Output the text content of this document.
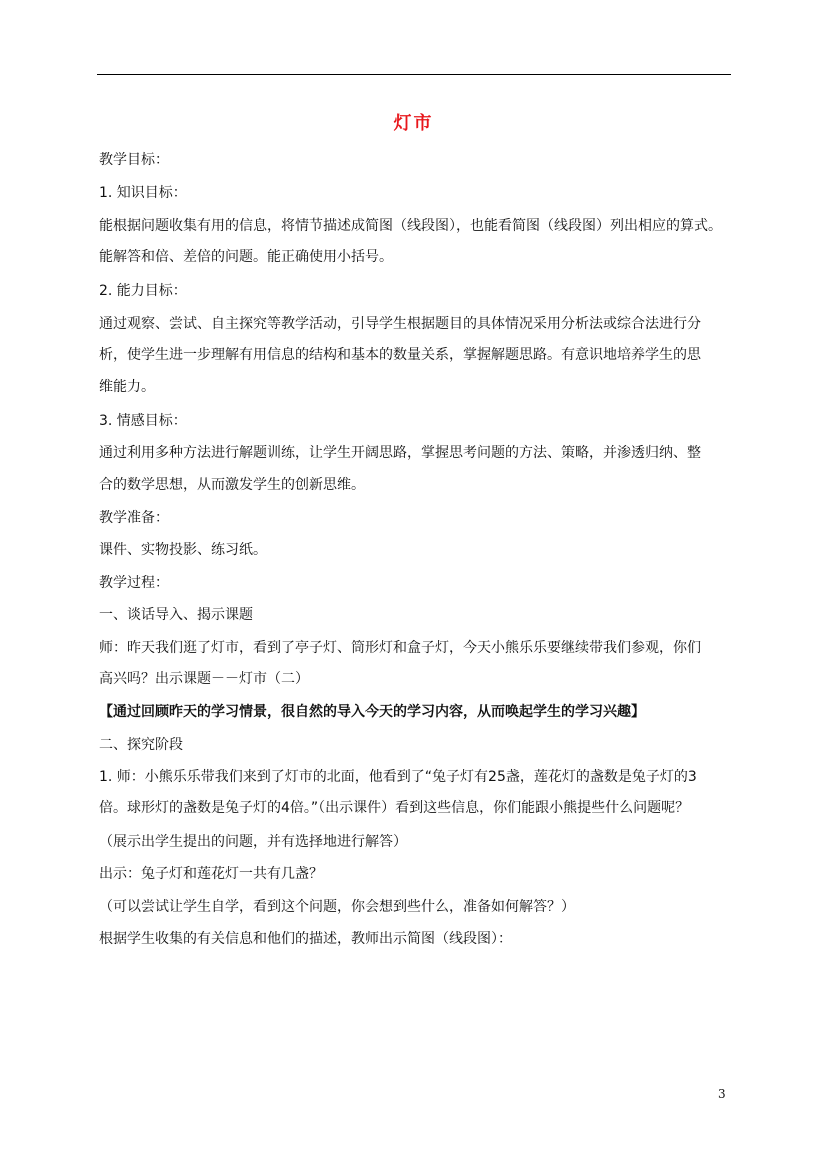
灯市
教学目标：
1. 知识目标：
能根据问题收集有用的信息，将情节描述成简图（线段图），也能看简图（线段图）列出相应的算式。
能解答和倍、差倍的问题。能正确使用小括号。
2. 能力目标：
通过观察、尝试、自主探究等教学活动，引导学生根据题目的具体情况采用分析法或综合法进行分
析，使学生进一步理解有用信息的结构和基本的数量关系，掌握解题思路。有意识地培养学生的思
维能力。
3. 情感目标：
通过利用多种方法进行解题训练，让学生开阔思路，掌握思考问题的方法、策略，并渗透归纳、整
合的数学思想，从而激发学生的创新思维。
教学准备：
课件、实物投影、练习纸。
教学过程：
一、谈话导入、揭示课题
师：昨天我们逛了灯市，看到了亭子灯、筒形灯和盒子灯，今天小熊乐乐要继续带我们参观，你们
高兴吗？出示课题－－灯市（二）
【通过回顾昨天的学习情景，很自然的导入今天的学习内容，从而唤起学生的学习兴趣】
二、探究阶段
1. 师：小熊乐乐带我们来到了灯市的北面，他看到了“兔子灯有25盏，莲花灯的盏数是兔子灯的3
倍。球形灯的盏数是兔子灯的4倍。”（出示课件）看到这些信息，你们能跟小熊提些什么问题呢？
（展示出学生提出的问题，并有选择地进行解答）
出示：兔子灯和莲花灯一共有几盏？
（可以尝试让学生自学，看到这个问题，你会想到些什么，准备如何解答？）
根据学生收集的有关信息和他们的描述，教师出示简图（线段图）：
3
